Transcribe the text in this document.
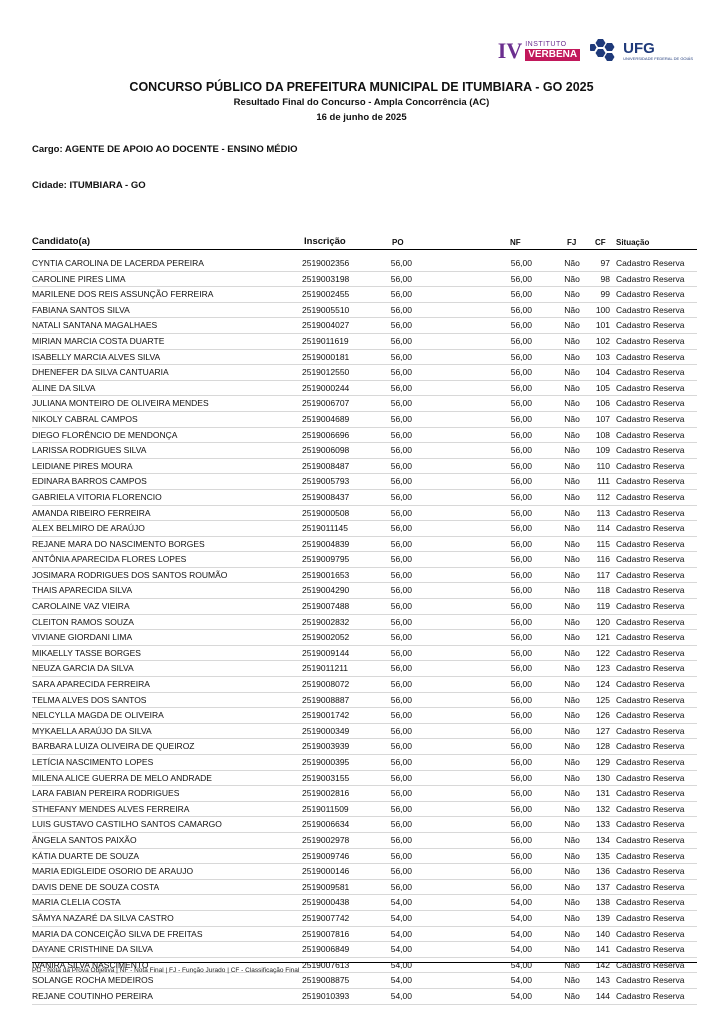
IV INSTITUTO
VERBENA	UFG
UNIVERSIDADE FEDERAL DE GOIÁS
CONCURSO PÚBLICO DA PREFEITURA MUNICIPAL DE ITUMBIARA - GO 2025
Resultado Final do Concurso - Ampla Concorrência (AC)
16 de junho de 2025
Cargo: AGENTE DE APOIO AO DOCENTE - ENSINO MÉDIO
Cidade: ITUMBIARA - GO
Candidato(a)	Inscrição	PO	NF	FJ CF Situação
CYNTIA CAROLINA DE LACERDA PEREIRA	2519002356	56,00	56,00	Não	97 Cadastro Reserva
CAROLINE PIRES LIMA	2519003198	56,00	56,00	Não	98 Cadastro Reserva
MARILENE DOS REIS ASSUNÇÃO FERREIRA	2519002455	56,00	56,00	Não	99 Cadastro Reserva
FABIANA SANTOS SILVA	2519005510	56,00	56,00	Não	100 Cadastro Reserva
NATALI SANTANA MAGALHAES	2519004027	56,00	56,00	Não	101 Cadastro Reserva
MIRIAN MARCIA COSTA DUARTE	2519011619	56,00	56,00	Não	102 Cadastro Reserva
ISABELLY MARCIA ALVES SILVA	2519000181	56,00	56,00	Não	103 Cadastro Reserva
DHENEFER DA SILVA CANTUARIA	2519012550	56,00	56,00	Não	104 Cadastro Reserva
ALINE DA SILVA	2519000244	56,00	56,00	Não	105 Cadastro Reserva
JULIANA MONTEIRO DE OLIVEIRA MENDES	2519006707	56,00	56,00	Não	106 Cadastro Reserva
NIKOLY CABRAL CAMPOS	2519004689	56,00	56,00	Não	107 Cadastro Reserva
DIEGO FLORÊNCIO DE MENDONÇA	2519006696	56,00	56,00	Não	108 Cadastro Reserva
LARISSA RODRIGUES SILVA	2519006098	56,00	56,00	Não	109 Cadastro Reserva
LEIDIANE PIRES MOURA	2519008487	56,00	56,00	Não	110 Cadastro Reserva
EDINARA BARROS CAMPOS	2519005793	56,00	56,00	Não	111 Cadastro Reserva
GABRIELA VITORIA FLORENCIO	2519008437	56,00	56,00	Não	112 Cadastro Reserva
AMANDA RIBEIRO FERREIRA	2519000508	56,00	56,00	Não	113 Cadastro Reserva
ALEX BELMIRO DE ARAÚJO	2519011145	56,00	56,00	Não	114 Cadastro Reserva
REJANE MARA DO NASCIMENTO BORGES	2519004839	56,00	56,00	Não	115 Cadastro Reserva
ANTÔNIA APARECIDA FLORES LOPES	2519009795	56,00	56,00	Não	116 Cadastro Reserva
JOSIMARA RODRIGUES DOS SANTOS ROUMÃO	2519001653	56,00	56,00	Não	117 Cadastro Reserva
THAIS APARECIDA SILVA	2519004290	56,00	56,00	Não	118 Cadastro Reserva
CAROLAINE VAZ VIEIRA	2519007488	56,00	56,00	Não	119 Cadastro Reserva
CLEITON RAMOS SOUZA	2519002832	56,00	56,00	Não	120 Cadastro Reserva
VIVIANE GIORDANI LIMA	2519002052	56,00	56,00	Não	121 Cadastro Reserva
MIKAELLY TASSE BORGES	2519009144	56,00	56,00	Não	122 Cadastro Reserva
NEUZA GARCIA DA SILVA	2519011211	56,00	56,00	Não	123 Cadastro Reserva
SARA APARECIDA FERREIRA	2519008072	56,00	56,00	Não	124 Cadastro Reserva
TELMA ALVES DOS SANTOS	2519008887	56,00	56,00	Não	125 Cadastro Reserva
NELCYLLA MAGDA DE OLIVEIRA	2519001742	56,00	56,00	Não	126 Cadastro Reserva
MYKAELLA ARAÚJO DA SILVA	2519000349	56,00	56,00	Não	127 Cadastro Reserva
BARBARA LUIZA OLIVEIRA DE QUEIROZ	2519003939	56,00	56,00	Não	128 Cadastro Reserva
LETÍCIA NASCIMENTO LOPES	2519000395	56,00	56,00	Não	129 Cadastro Reserva
MILENA ALICE GUERRA DE MELO ANDRADE	2519003155	56,00	56,00	Não	130 Cadastro Reserva
LARA FABIAN PEREIRA RODRIGUES	2519002816	56,00	56,00	Não	131 Cadastro Reserva
STHEFANY MENDES ALVES FERREIRA	2519011509	56,00	56,00	Não	132 Cadastro Reserva
LUIS GUSTAVO CASTILHO SANTOS CAMARGO	2519006634	56,00	56,00	Não	133 Cadastro Reserva
ÂNGELA SANTOS PAIXÃO	2519002978	56,00	56,00	Não	134 Cadastro Reserva
KÁTIA DUARTE DE SOUZA	2519009746	56,00	56,00	Não	135 Cadastro Reserva
MARIA EDIGLEIDE OSORIO DE ARAUJO	2519000146	56,00	56,00	Não	136 Cadastro Reserva
DAVIS DENE DE SOUZA COSTA	2519009581	56,00	56,00	Não	137 Cadastro Reserva
MARIA CLELIA COSTA	2519000438	54,00	54,00	Não	138 Cadastro Reserva
SÂMYA NAZARÉ DA SILVA CASTRO	2519007742	54,00	54,00	Não	139 Cadastro Reserva
MARIA DA CONCEIÇÃO SILVA DE FREITAS	2519007816	54,00	54,00	Não	140 Cadastro Reserva
DAYANE CRISTHINE DA SILVA	2519006849	54,00	54,00	Não	141 Cadastro Reserva
IVANIRA SILVA NASCIMENTO	2519007613	54,00	54,00	Não	142 Cadastro Reserva
SOLANGE ROCHA MEDEIROS	2519008875	54,00	54,00	Não	143 Cadastro Reserva
REJANE COUTINHO PEREIRA	2519010393	54,00	54,00	Não	144 Cadastro Reserva
PO - Nota da Prova Objetiva | NF - Nota Final | FJ - Função Jurado | CF - Classificação Final
